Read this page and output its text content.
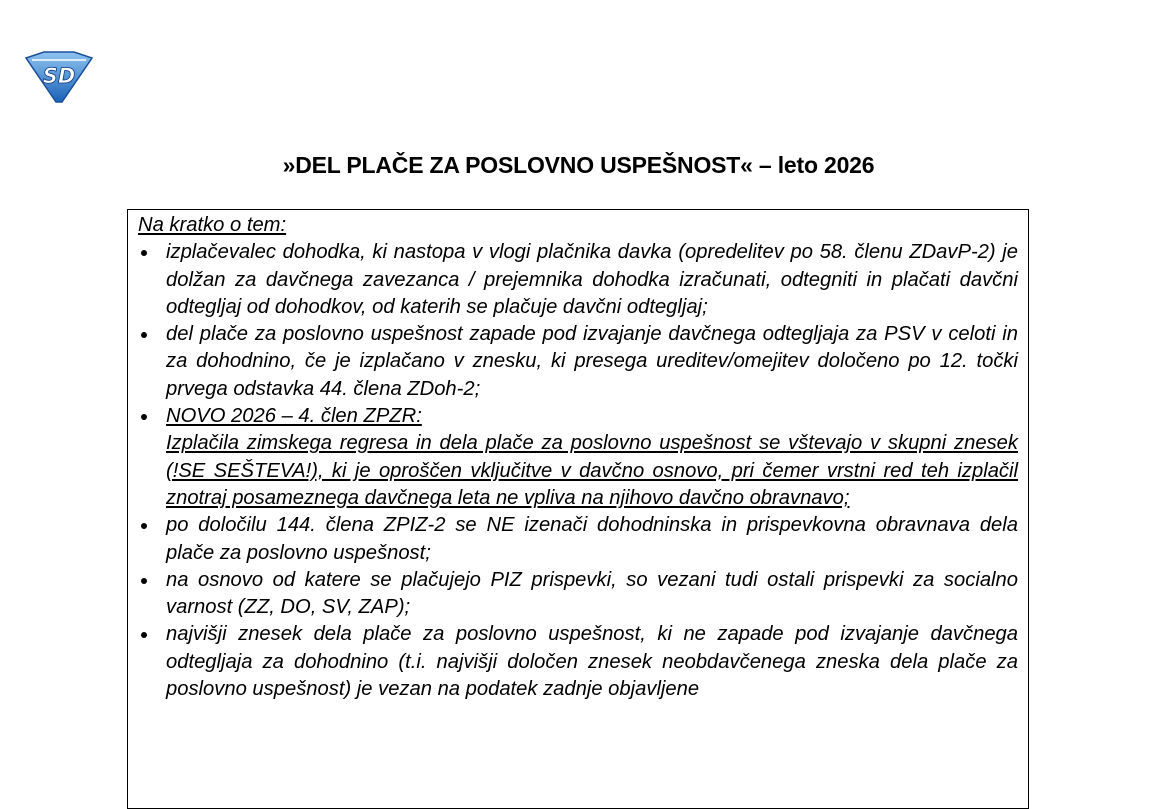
SD
»DEL PLAČE ZA POSLOVNO USPEŠNOST« – leto 2026
Na kratko o tem:
izplačevalec dohodka, ki nastopa v vlogi plačnika davka (opredelitev po 58. členu ZDavP-2) je dolžan za davčnega zavezanca / prejemnika dohodka izračunati, odtegniti in plačati davčni odtegljaj od dohodkov, od katerih se plačuje davčni odtegljaj;
del plače za poslovno uspešnost zapade pod izvajanje davčnega odtegljaja za PSV v celoti in za dohodnino, če je izplačano v znesku, ki presega ureditev/omejitev določeno po 12. točki prvega odstavka 44. člena ZDoh-2;
NOVO 2026 – 4. člen ZPZR:
Izplačila zimskega regresa in dela plače za poslovno uspešnost se vštevajo v skupni znesek (!SE SEŠTEVA!), ki je oproščen vključitve v davčno osnovo, pri čemer vrstni red teh izplačil znotraj posameznega davčnega leta ne vpliva na njihovo davčno obravnavo;
po določilu 144. člena ZPIZ-2 se NE izenači dohodninska in prispevkovna obravnava dela plače za poslovno uspešnost;
na osnovo od katere se plačujejo PIZ prispevki, so vezani tudi ostali prispevki za socialno varnost (ZZ, DO, SV, ZAP);
najvišji znesek dela plače za poslovno uspešnost, ki ne zapade pod izvajanje davčnega odtegljaja za dohodnino (t.i. najvišji določen znesek neobdavčenega zneska dela plače za poslovno uspešnost) je vezan na podatek zadnje objavljene
